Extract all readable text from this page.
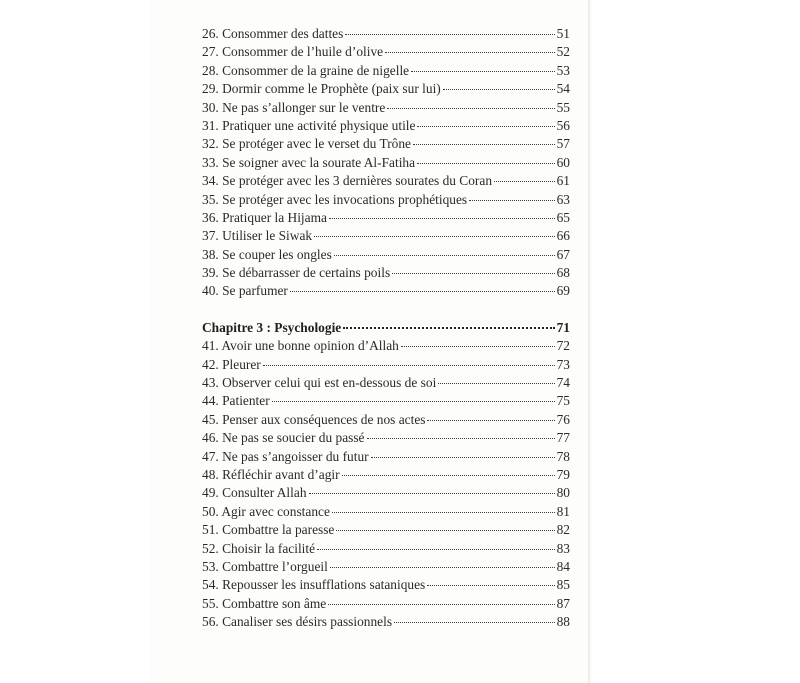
26. Consommer des dattes	51
27. Consommer de l’huile d’olive	52
28. Consommer de la graine de nigelle	53
29. Dormir comme le Prophète (paix sur lui)	54
30. Ne pas s’allonger sur le ventre	55
31. Pratiquer une activité physique utile	56
32. Se protéger avec le verset du Trône	57
33. Se soigner avec la sourate Al-Fatiha	60
34. Se protéger avec les 3 dernières sourates du Coran	61
35. Se protéger avec les invocations prophétiques	63
36. Pratiquer la Hijama	65
37. Utiliser le Siwak	66
38. Se couper les ongles	67
39. Se débarrasser de certains poils	68
40. Se parfumer	69
Chapitre 3 : Psychologie	71
41. Avoir une bonne opinion d’Allah	72
42. Pleurer	73
43. Observer celui qui est en-dessous de soi	74
44. Patienter	75
45. Penser aux conséquences de nos actes	76
46. Ne pas se soucier du passé	77
47. Ne pas s’angoisser du futur	78
48. Réfléchir avant d’agir	79
49. Consulter Allah	80
50. Agir avec constance	81
51. Combattre la paresse	82
52. Choisir la facilité	83
53. Combattre l’orgueil	84
54. Repousser les insufflations sataniques	85
55. Combattre son âme	87
56. Canaliser ses désirs passionnels	88
